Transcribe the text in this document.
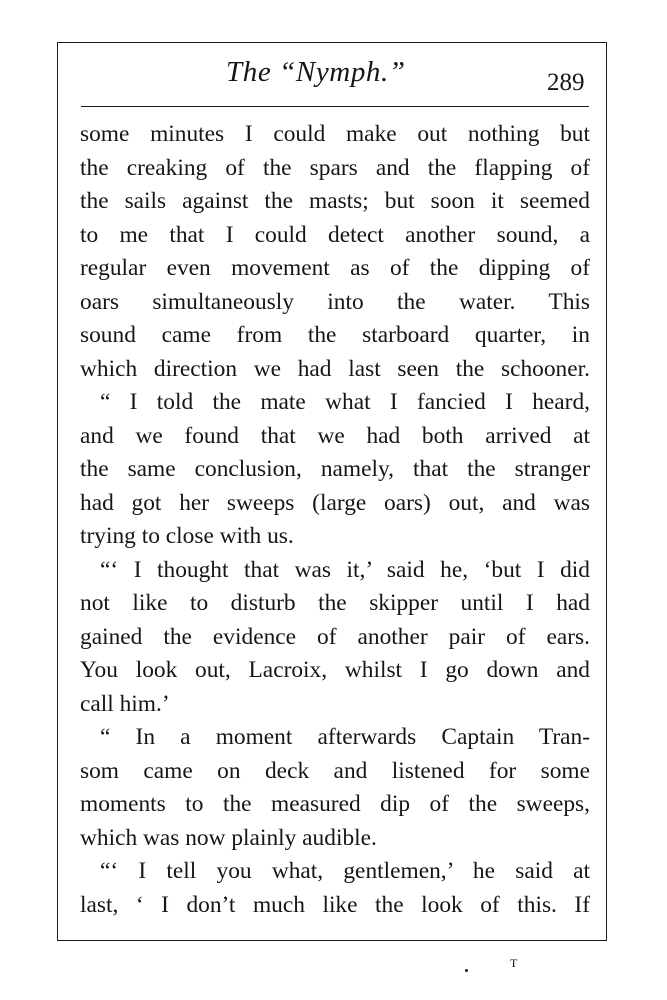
The “Nymph.”	289
some minutes I could make out nothing but
the creaking of the spars and the flapping of
the sails against the masts; but soon it seemed
to me that I could detect another sound, a
regular even movement as of the dipping of
oars simultaneously into the water. This
sound came from the starboard quarter, in
which direction we had last seen the schooner.
“ I told the mate what I fancied I heard,
and we found that we had both arrived at
the same conclusion, namely, that the stranger
had got her sweeps (large oars) out, and was
trying to close with us.
“‘ I thought that was it,’ said he, ‘but I did
not like to disturb the skipper until I had
gained the evidence of another pair of ears.
You look out, Lacroix, whilst I go down and
call him.’
“ In a moment afterwards Captain Tran-
som came on deck and listened for some
moments to the measured dip of the sweeps,
which was now plainly audible.
“‘ I tell you what, gentlemen,’ he said at
last, ‘ I don’t much like the look of this. If
T
